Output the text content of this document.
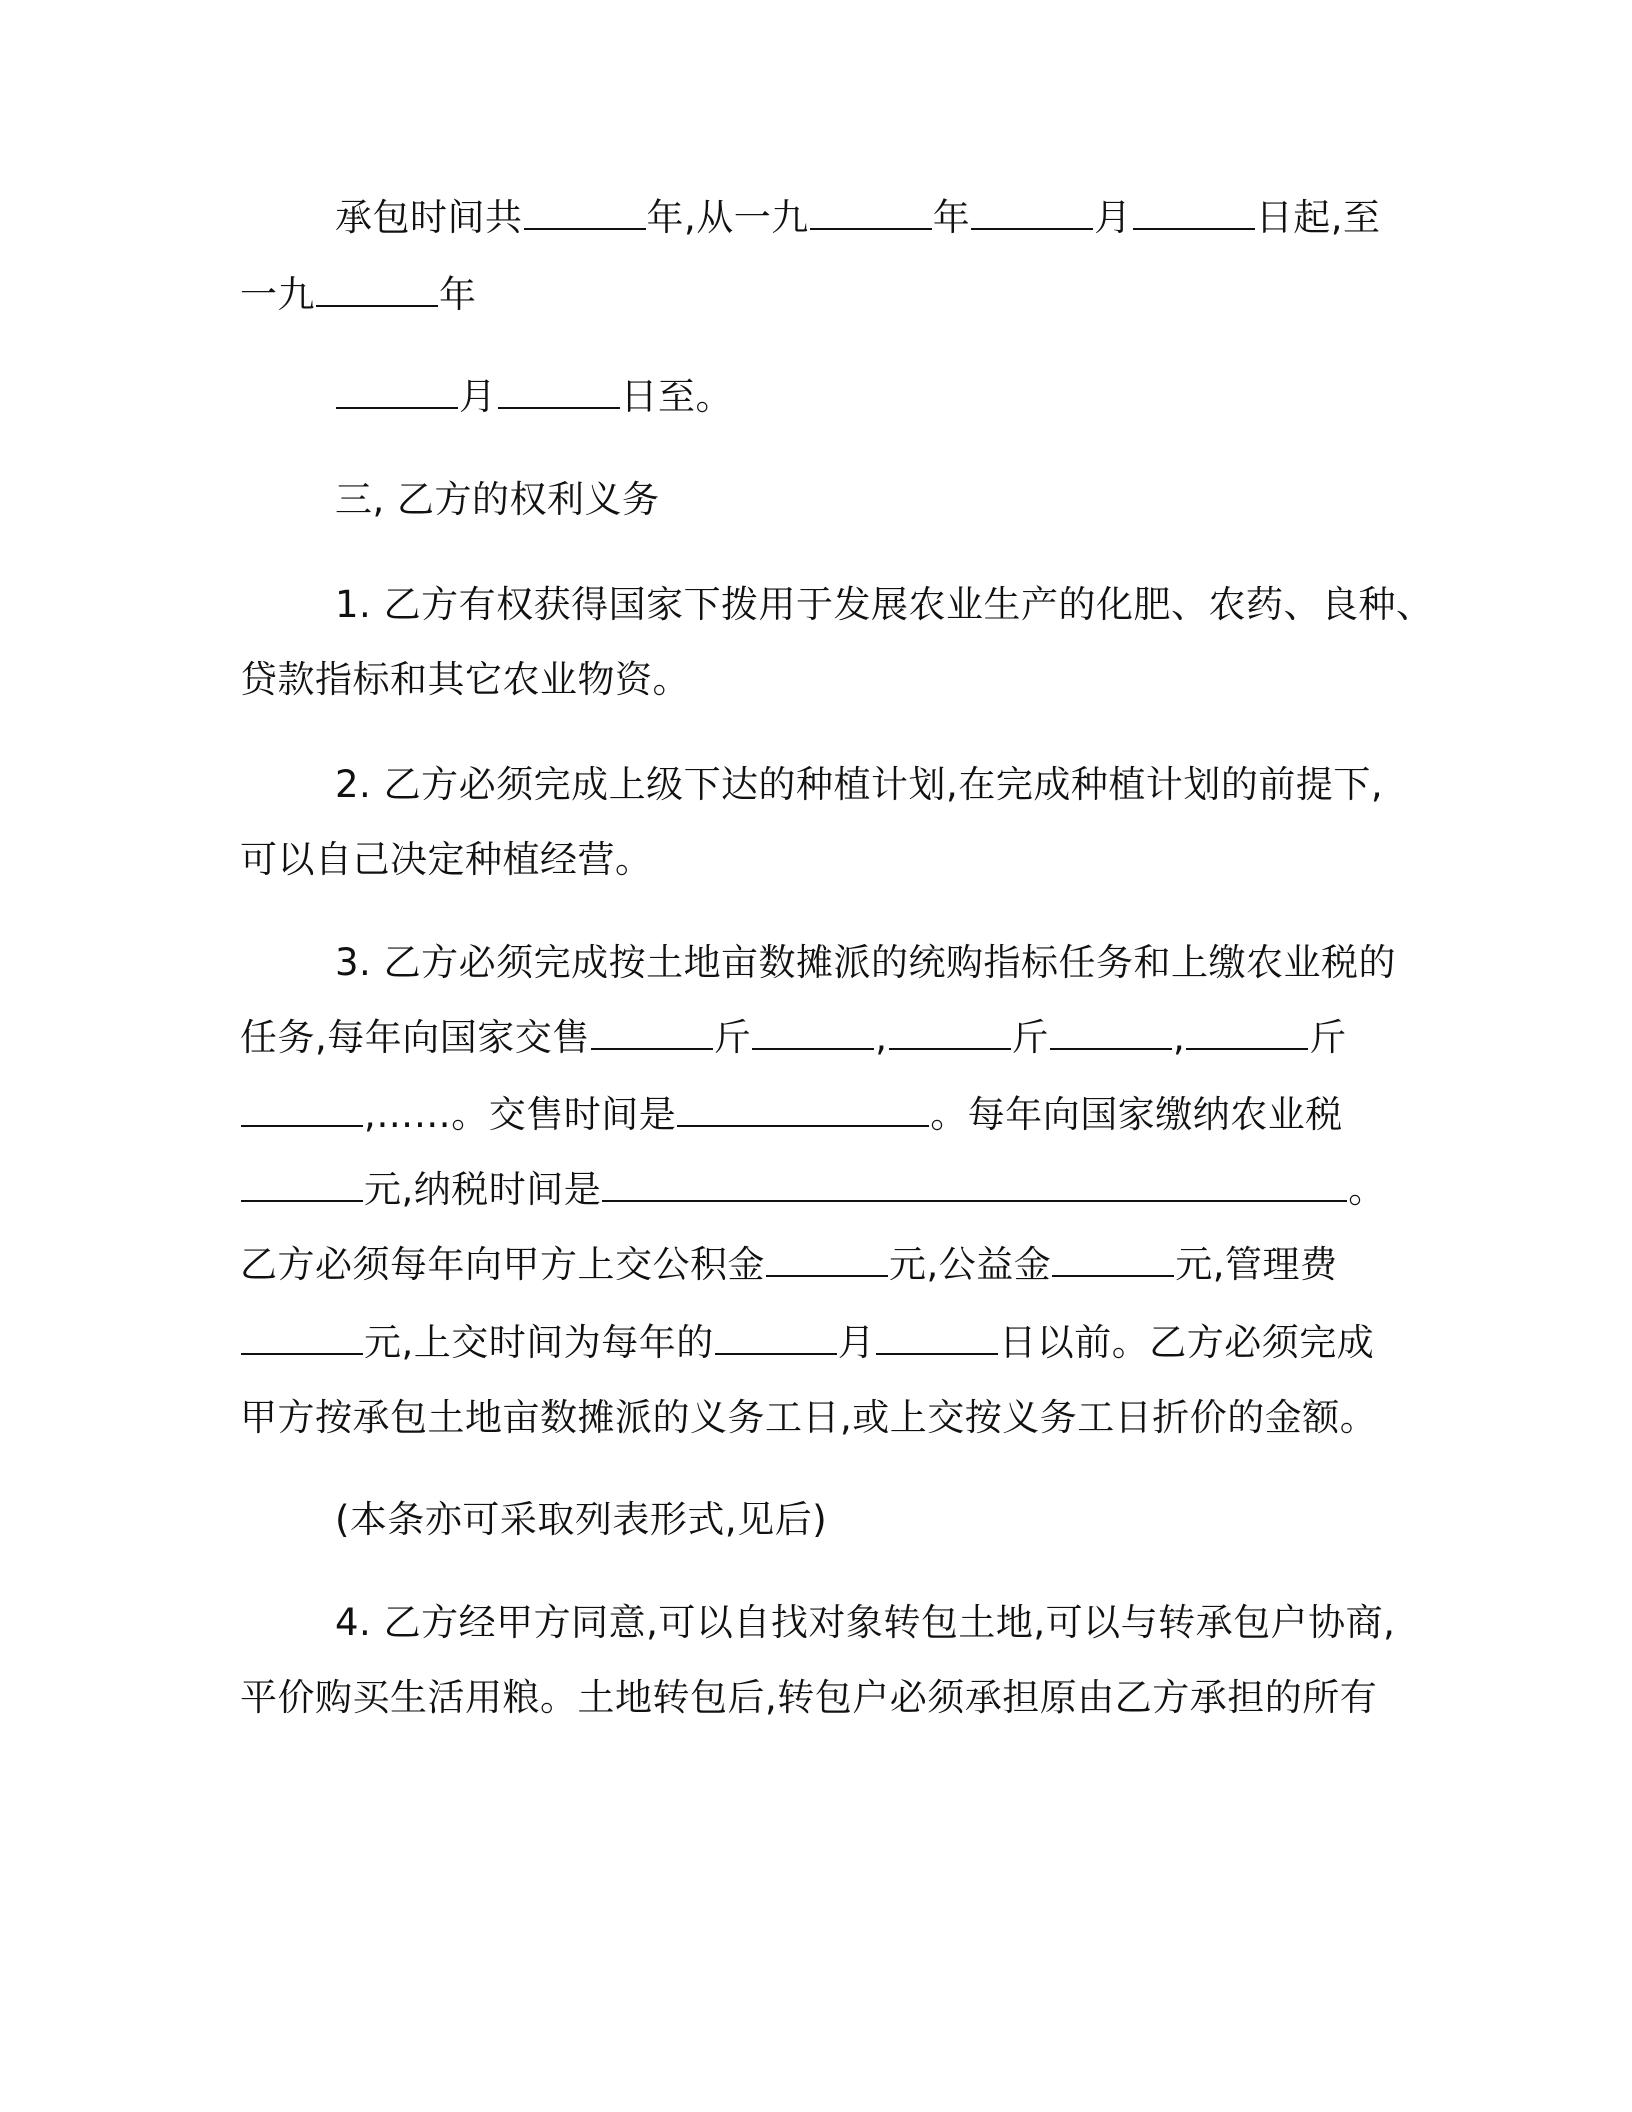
承包时间共	年,从一九	年	月	日起,至
一九	年
月	日至。
三, 乙方的权利义务
1. 乙方有权获得国家下拨用于发展农业生产的化肥、农药、良种、
贷款指标和其它农业物资。
2. 乙方必须完成上级下达的种植计划,在完成种植计划的前提下,
可以自己决定种植经营。
3. 乙方必须完成按土地亩数摊派的统购指标任务和上缴农业税的
任务,每年向国家交售	斤	,	斤	,	斤
,……。交售时间是	。每年向国家缴纳农业税
元,纳税时间是	。
乙方必须每年向甲方上交公积金	元,公益金	元,管理费
元,上交时间为每年的	月	日以前。乙方必须完成
甲方按承包土地亩数摊派的义务工日,或上交按义务工日折价的金额。
(本条亦可采取列表形式,见后)
4. 乙方经甲方同意,可以自找对象转包土地,可以与转承包户协商,
平价购买生活用粮。土地转包后,转包户必须承担原由乙方承担的所有
